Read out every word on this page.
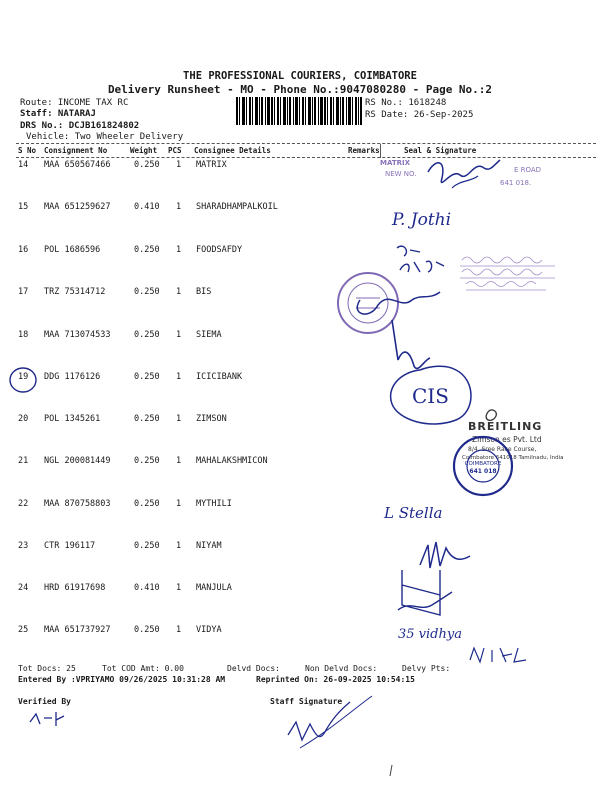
THE PROFESSIONAL COURIERS, COIMBATORE
Delivery Runsheet - MO - Phone No.:9047080280 - Page No.:2
Route: INCOME TAX RC
Staff: NATARAJ
DRS No.: DCJB161824802
Vehicle: Two Wheeler Delivery
RS No.: 1618248
RS Date: 26-Sep-2025
S No Consignment No	Weight PCS Consignee Details	Remarks	Seal & Signature
14 MAA 650567466	0.250 1 MATRIX
15 MAA 651259627	0.410 1 SHARADHAMPALKOIL
16 POL 1686596	0.250 1 FOODSAFDY
17 TRZ 75314712	0.250 1 BIS
18 MAA 713074533	0.250 1 SIEMA
19 DDG 1176126	0.250 1 ICICIBANK
20 POL 1345261	0.250 1 ZIMSON
21 NGL 200081449	0.250 1 MAHALAKSHMICON
22 MAA 870758803	0.250 1 MYTHILI
23 CTR 196117	0.250 1 NIYAM
24 HRD 61917698	0.410 1 MANJULA
25 MAA 651737927	0.250 1 VIDYA
Tot Docs: 25	Tot COD Amt: 0.00	Delvd Docs:	Non Delvd Docs:	Delvy Pts:
Entered By :VPRIYAMO 09/26/2025 10:31:28 AM	Reprinted On: 26-09-2025 10:54:15
Verified By	Staff Signature
MATRIX
NEW NO.	E ROAD
641 018.
P. Jothi
CIS
BREITLING
Zimson es Pvt. Ltd
8/4, Sree Race Course,
Coimbatore 641018 Tamilnadu, India
COIMBATORE
641 018
L Stella
35 vidhya
